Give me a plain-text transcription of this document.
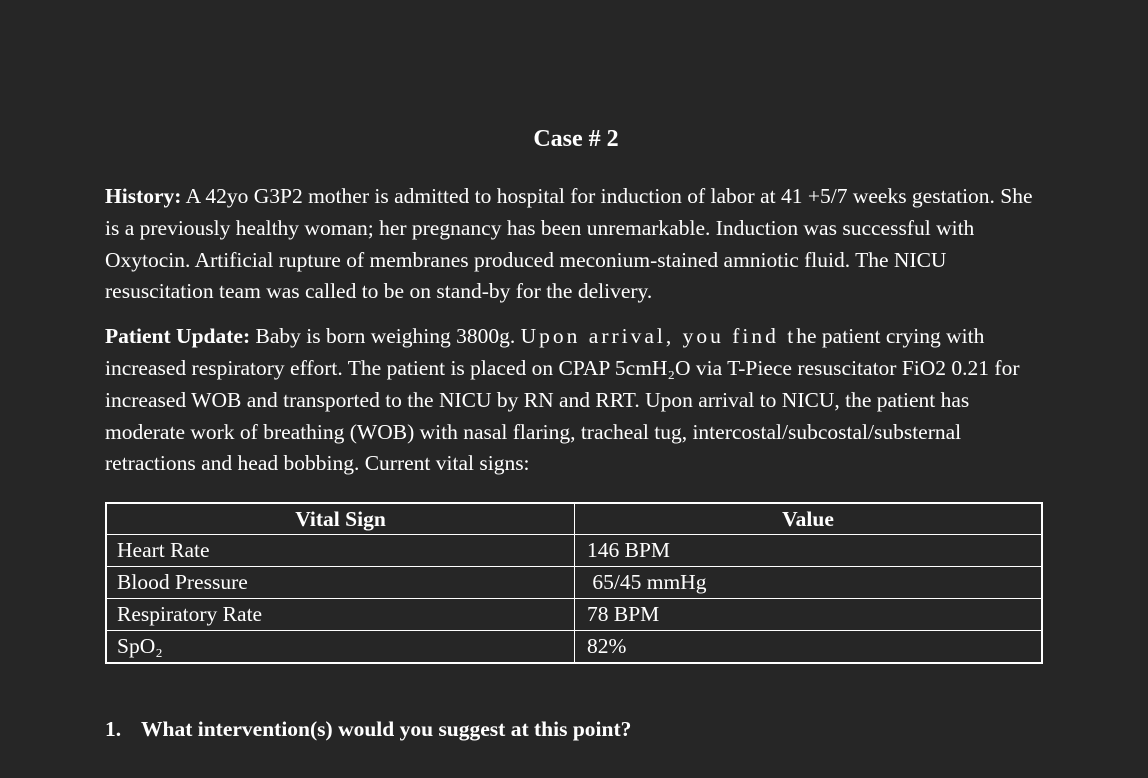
Case # 2

History: A 42yo G3P2 mother is admitted to hospital for induction of labor at 41 +5/7 weeks gestation. She is a previously healthy woman; her pregnancy has been unremarkable. Induction was successful with Oxytocin. Artificial rupture of membranes produced meconium-stained amniotic fluid. The NICU resuscitation team was called to be on stand-by for the delivery.

Patient Update: Baby is born weighing 3800g. Upon arrival, you find the patient crying with increased respiratory effort. The patient is placed on CPAP 5cmH₂O via T-Piece resuscitator FiO2 0.21 for increased WOB and transported to the NICU by RN and RRT. Upon arrival to NICU, the patient has moderate work of breathing (WOB) with nasal flaring, tracheal tug, intercostal/subcostal/substernal retractions and head bobbing. Current vital signs:

Vital Sign	Value
Heart Rate	146 BPM
Blood Pressure	65/45 mmHg
Respiratory Rate	78 BPM
SpO₂	82%
1. What intervention(s) would you suggest at this point?
